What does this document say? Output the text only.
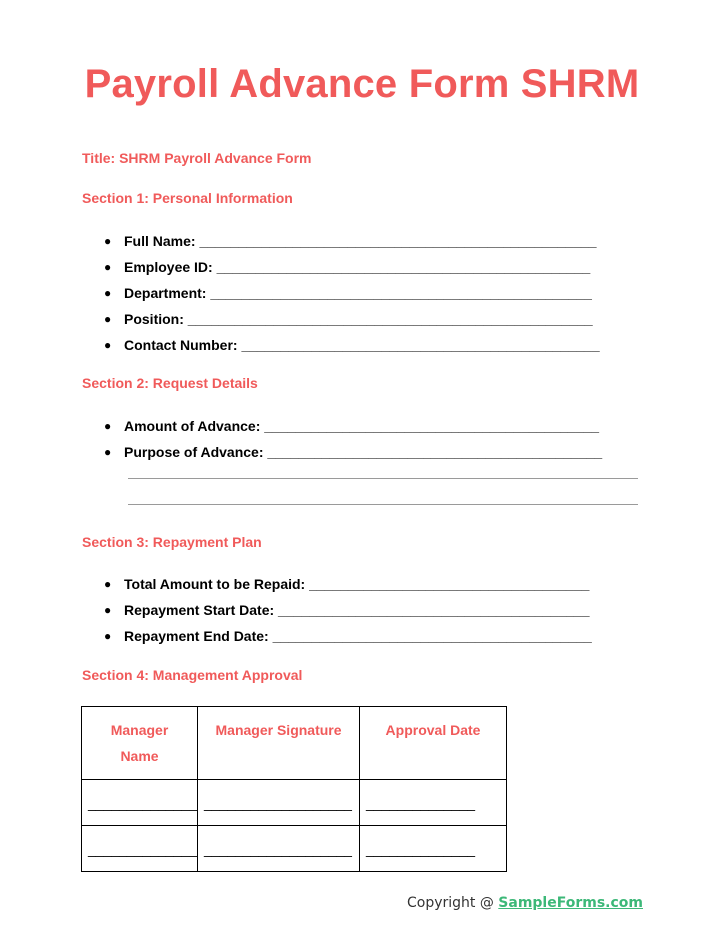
Payroll Advance Form SHRM

Title: SHRM Payroll Advance Form

Section 1: Personal Information

● Full Name: ___________________________________________________
● Employee ID: ________________________________________________
● Department: _________________________________________________
● Position: ____________________________________________________
● Contact Number: ______________________________________________

Section 2: Request Details

● Amount of Advance: ___________________________________________
● Purpose of Advance: ___________________________________________

Section 3: Repayment Plan

● Total Amount to be Repaid: ____________________________________
● Repayment Start Date: ________________________________________
● Repayment End Date: _________________________________________

Section 4: Management Approval

Manager
Name	Manager Signature	Approval Date
______________	___________________	______________
______________	___________________	______________
Copyright @ SampleForms.com
